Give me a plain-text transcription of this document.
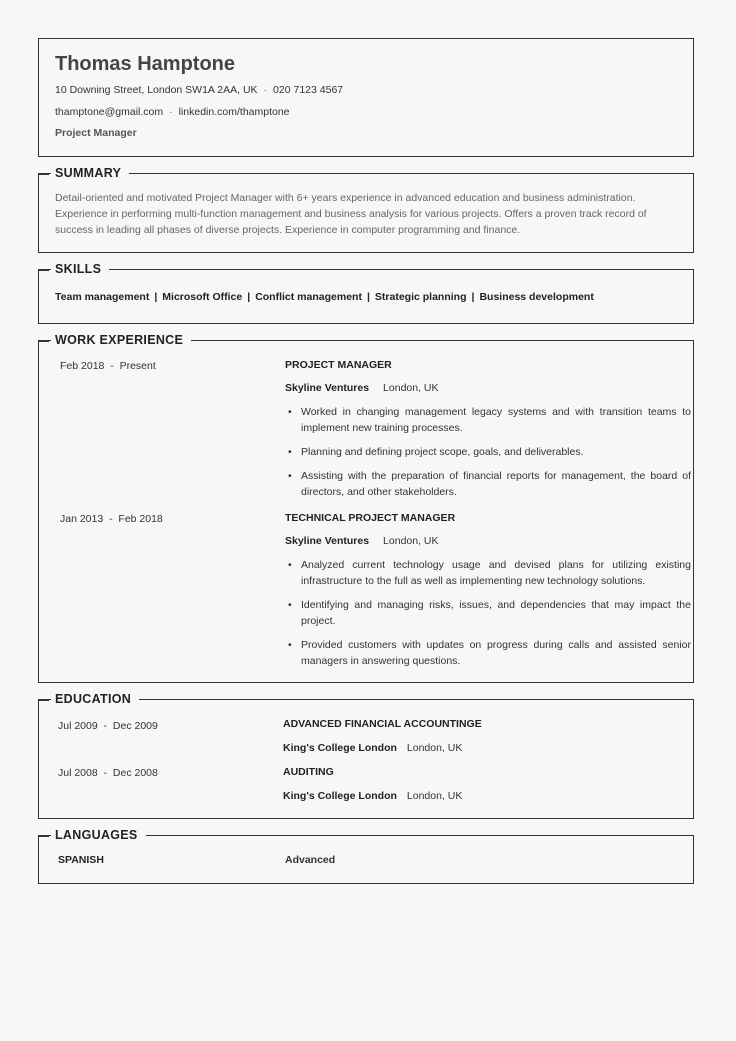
Thomas Hamptone
10 Downing Street, London SW1A 2AA, UK · 020 7123 4567
thamptone@gmail.com · linkedin.com/thamptone
Project Manager
SUMMARY
Detail-oriented and motivated Project Manager with 6+ years experience in advanced education and business administration. Experience in performing multi-function management and business analysis for various projects. Offers a proven track record of success in leading all phases of diverse projects. Experience in computer programming and finance.
SKILLS
Team management | Microsoft Office | Conflict management | Strategic planning | Business development
WORK EXPERIENCE
Feb 2018 - Present	PROJECT MANAGER
Skyline Ventures London, UK
• Worked in changing management legacy systems and with transition teams to implement new training processes.
• Planning and defining project scope, goals, and deliverables.
• Assisting with the preparation of financial reports for management, the board of directors, and other stakeholders.
Jan 2013 - Feb 2018	TECHNICAL PROJECT MANAGER
Skyline Ventures London, UK
• Analyzed current technology usage and devised plans for utilizing existing infrastructure to the full as well as implementing new technology solutions.
• Identifying and managing risks, issues, and dependencies that may impact the project.
• Provided customers with updates on progress during calls and assisted senior managers in answering questions.
EDUCATION
Jul 2009 - Dec 2009	ADVANCED FINANCIAL ACCOUNTINGE
King's College London London, UK
Jul 2008 - Dec 2008	AUDITING
King's College London London, UK
LANGUAGES
SPANISH	Advanced
